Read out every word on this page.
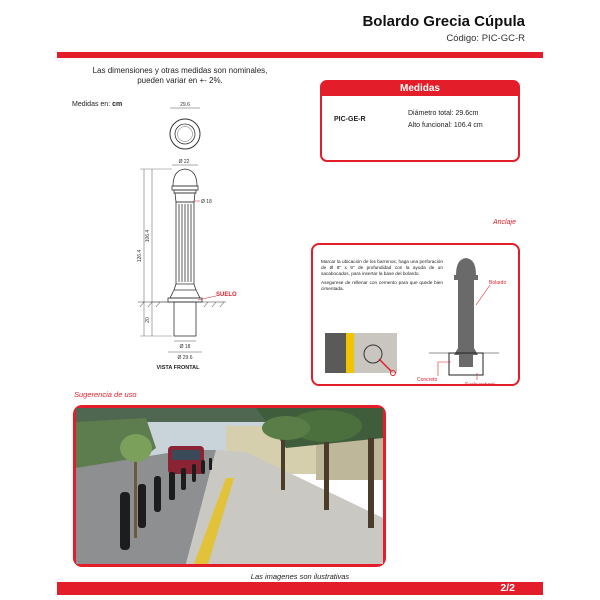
Bolardo Grecia Cúpula
Código: PIC-GC-R
Las dimensiones y otras medidas son nominales,
pueden variar en +- 2%.
Medidas en: cm	29.6
Ø 22
Ø 18
126.4
106.4
20
SUELO
Ø 18
Ø 29.6
VISTA FRONTAL
Medidas
PIC-GE-R
Diámetro total: 29.6cm
Alto funcional: 106.4 cm
Anclaje
Marcar la ubicación de los barrenos, haga una perforación de Ø 8" x 9" de profundidad con la ayuda de un sacabocados, para insertar la base del bolardo.
Asegurese de rellenar con cemento para que quede bien cimentada.
Bolardo
Concreto
Suelo natural
Sugerencia de uso
Las imagenes son ilustrativas
2/2
